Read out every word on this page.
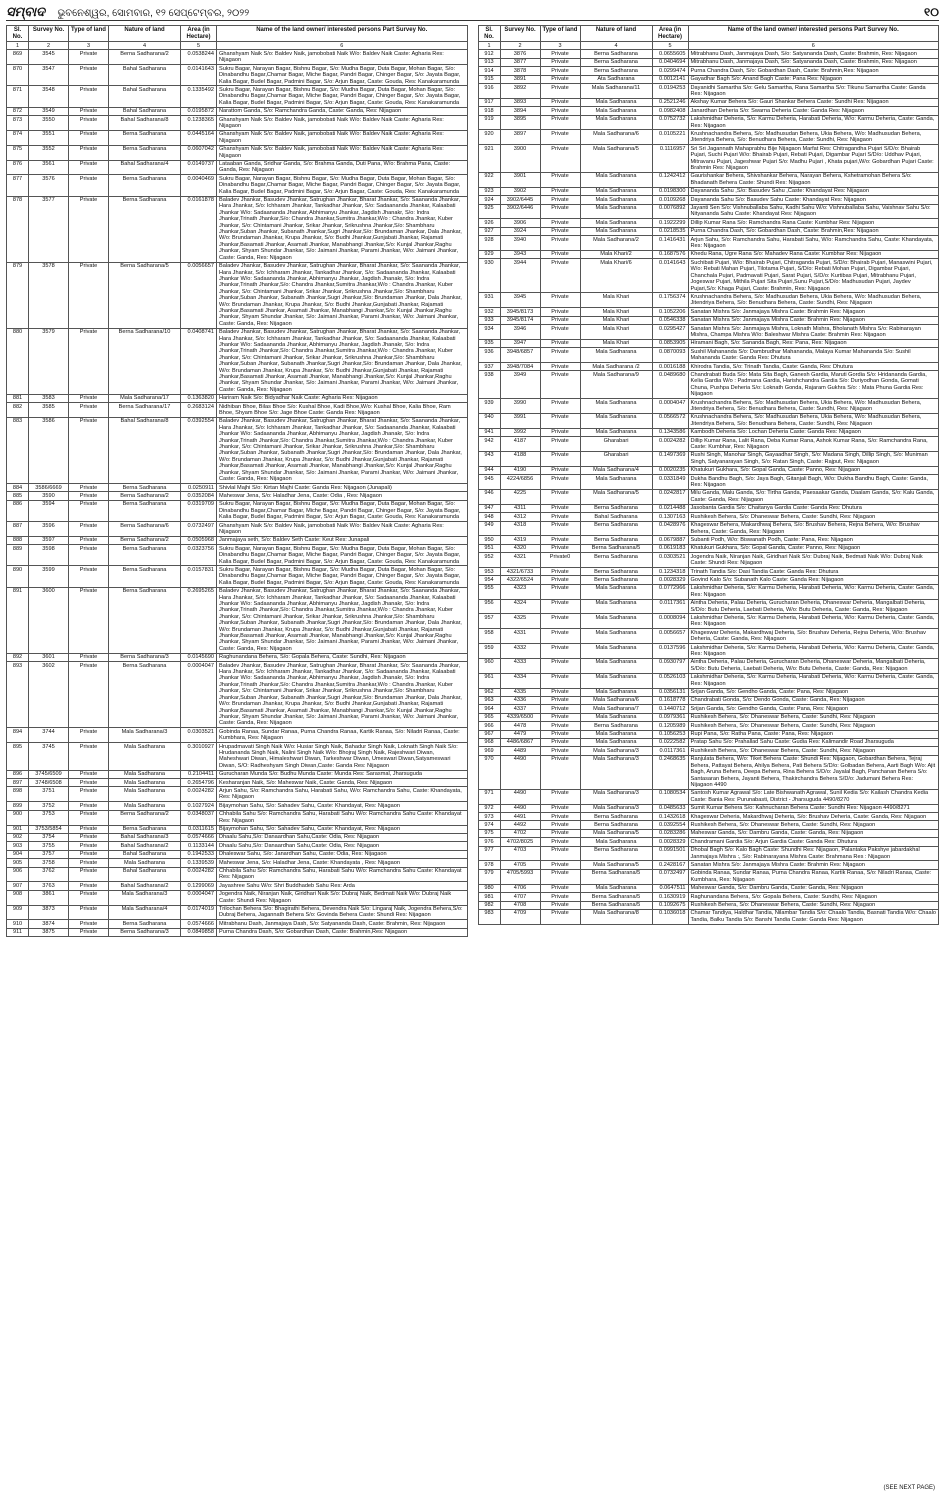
ସମ୍ବାଦ ଭୁବନେଶ୍ୱର, ସୋମବାର, ୧୨ ସେପ୍ଟେମ୍ବର, ୨୦୨୨	୧୦
Sl. No.	Survey No.	Type of land	Nature of land	Area (in Hectare)	Name of the land owner/ interested persons Part Survey No.
1	2	3	4	5	6
869	3545	Private	Berna Sadharana/2	0.0538244	Ghanshyam Naik S/o: Baldev Naik, jamobobati Naik W/o: Baldev Naik Caste: Agharia Res: Nijagaon
870	3547	Private	Bahal Sadharana	0.0141643	Sukru Bagar, Narayan Bagar, Bishnu Bagar, S/o: Mudha Bagar, Duta Bagar, Mohan Bagar, S/o: Dinabandhu Bagar,Chamar Bagar, Miche Bagar, Pandri Bagar, Chinger Bagar, S/o: Jayata Bagar, Kalia Bagar, Budel Bagar, Padmini Bagar, S/o: Arjun Bagar, Caste: Gouda, Res: Kanakaramunda
871	3548	Private	Bahal Sadharana	0.1335492	Sukru Bagar, Narayan Bagar, Bishnu Bagar, S/o: Mudha Bagar, Duta Bagar, Mohan Bagar, S/o: Dinabandhu Bagar,Chamar Bagar, Miche Bagar, Pandri Bagar, Chinger Bagar, S/o: Jayata Bagar, Kalia Bagar, Budel Bagar, Padmini Bagar, S/o: Arjun Bagar, Caste: Gouda, Res: Kanakaramunda
872	3549	Private	Bahal Sadharana	0.0195872	Narattom Ganda, S/o: Ramchandra Ganda, Caste: Ganda, Res: Nijagaon
873	3550	Private	Bahal Sadharana/8	0.1238365	Ghanshyam Naik S/o: Baldev Naik, jamobobati Naik W/o: Baldev Naik Caste: Agharia Res: Nijagaon
874	3551	Private	Berna Sadharana	0.0445164	Ghanshyam Naik S/o: Baldev Naik, jamobobati Naik W/o: Baldev Naik Caste: Agharia Res: Nijagaon
875	3552	Private	Berna Sadharana	0.0607042	Ghanshyam Naik S/o: Baldev Naik, jamobobati Naik W/o: Baldev Naik Caste: Agharia Res: Nijagaon
876	3561	Private	Bahal Sadharana/4	0.0149737	Lataaban Ganda, Sridhar Ganda, S/o: Brahma Ganda, Duti Pana, W/o: Brahma Pana, Caste: Ganda, Res: Nijagaon
877	3576	Private	Berna Sadharana	0.0040469	Sukru Bagar, Narayan Bagar, Bishnu Bagar, S/o: Mudha Bagar, Duta Bagar, Mohan Bagar, S/o: Dinabandhu Bagar,Chamar Bagar, Miche Bagar, Pandri Bagar, Chinger Bagar, S/o: Jayata Bagar, Kalia Bagar, Budel Bagar, Padmini Bagar, S/o: Arjun Bagar, Caste: Gouda, Res: Kanakaramunda
878	3577	Private	Berna Sadharana	0.0161878	Baladev Jhankar, Basudev Jhankar, Satrughan Jhankar, Bharat Jhankar, S/o: Saananda Jhankar, Hara Jhankar, S/o: Ichharam Jhankar, Tankadhar Jhankar, S/o: Sadaananda Jhankar, Kalaabati Jhankar W/o: Sadaananda Jhankar, Abhimanyu Jhankar, Jagdish Jhanakr, S/o: Indra Jhankar,Trinath Jhankar,S/o: Chandra Jhankar,Sumitra Jhankar,W/o : Chandra Jhankar, Kuber Jhankar, S/o: Chintamani Jhankar, Srikar Jhankar, Srikrushna Jhankar,S/o: Shambharu Jhankar,Suban Jhankar, Subanath Jhankar,Sugri Jhankar,S/o: Brundaman Jhankar, Dala Jhankar, W/o: Brundaman Jhankar, Krupa Jhankar, S/o: Budhi Jhankar,Gunjabati Jhankar, Rajamati Jhankar,Basamati Jhankar, Asamati Jhankar, Manabhangi Jhankar,S/o: Kunjal Jhankar,Raghu Jhankar, Shyam Shundar Jhankar, S/o: Jaimani Jhankar, Parami Jhankar, W/o: Jaimani Jhankar, Caste: Ganda, Res: Nijagaon
879	3578	Private	Berna Sadharana/5	0.0056657	Baladev Jhankar, Basudev Jhankar, Satrughan Jhankar, Bharat Jhankar, S/o: Saananda Jhankar, Hara Jhankar, S/o: Ichharam Jhankar, Tankadhar Jhankar, S/o: Sadaananda Jhankar, Kalaabati Jhankar W/o: Sadaananda Jhankar, Abhimanyu Jhankar, Jagdish Jhanakr, S/o: Indra Jhankar,Trinath Jhankar,S/o: Chandra Jhankar,Sumitra Jhankar,W/o : Chandra Jhankar, Kuber Jhankar, S/o: Chintamani Jhankar, Srikar Jhankar, Srikrushna Jhankar,S/o: Shambharu Jhankar,Suban Jhankar, Subanath Jhankar,Sugri Jhankar,S/o: Brundaman Jhankar, Dala Jhankar, W/o: Brundaman Jhankar, Krupa Jhankar, S/o: Budhi Jhankar,Gunjabati Jhankar, Rajamati Jhankar,Basamati Jhankar, Asamati Jhankar, Manabhangi Jhankar,S/o: Kunjal Jhankar,Raghu Jhankar, Shyam Shundar Jhankar, S/o: Jaimani Jhankar, Parami Jhankar, W/o: Jaimani Jhankar, Caste: Ganda, Res: Nijagaon
880	3579	Private	Berna Sadharana/10	0.0408741	Baladev Jhankar, Basudev Jhankar, Satrughan Jhankar, Bharat Jhankar, S/o: Saananda Jhankar, Hara Jhankar, S/o: Ichharam Jhankar, Tankadhar Jhankar, S/o: Sadaananda Jhankar, Kalaabati Jhankar W/o: Sadaananda Jhankar, Abhimanyu Jhankar, Jagdish Jhanakr, S/o: Indra Jhankar,Trinath Jhankar,S/o: Chandra Jhankar,Sumitra Jhankar,W/o : Chandra Jhankar, Kuber Jhankar, S/o: Chintamani Jhankar, Srikar Jhankar, Srikrushna Jhankar,S/o: Shambharu Jhankar,Suban Jhankar, Subanath Jhankar,Sugri Jhankar,S/o: Brundaman Jhankar, Dala Jhankar, W/o: Brundaman Jhankar, Krupa Jhankar, S/o: Budhi Jhankar,Gunjabati Jhankar, Rajamati Jhankar,Basamati Jhankar, Asamati Jhankar, Manabhangi Jhankar,S/o: Kunjal Jhankar,Raghu Jhankar, Shyam Shundar Jhankar, S/o: Jaimani Jhankar, Parami Jhankar, W/o: Jaimani Jhankar, Caste: Ganda, Res: Nijagaon
881	3583	Private	Mala Sadharana/17	0.1363820	Hariram Naik S/o: Bidyadhar Naik Caste: Agharia Res: Nijagaon
882	3585	Private	Berna Sadharana/17	0.2683124	Nidhiban Bhoe, Bilas Bhoe S/o: Kushal Bhoe, Kadi Bhoe,W/o: Kushal Bhoe, Kalia Bhoe, Ram Bhoe, Shyam Bhoe S/o: Jage Bhoe Caste: Ganda Res: Nijagaon
883	3586	Private	Bahal Sadharana/8	0.0392554	Baladev Jhankar, Basudev Jhankar, Satrughan Jhankar, Bharat Jhankar, S/o: Saananda Jhankar, Hara Jhankar, S/o: Ichharam Jhankar, Tankadhar Jhankar, S/o: Sadaananda Jhankar, Kalaabati Jhankar W/o: Sadaananda Jhankar, Abhimanyu Jhankar, Jagdish Jhanakr, S/o: Indra Jhankar,Trinath Jhankar,S/o: Chandra Jhankar,Sumitra Jhankar,W/o : Chandra Jhankar, Kuber Jhankar, S/o: Chintamani Jhankar, Srikar Jhankar, Srikrushna Jhankar,S/o: Shambharu Jhankar,Suban Jhankar, Subanath Jhankar,Sugri Jhankar,S/o: Brundaman Jhankar, Dala Jhankar, W/o: Brundaman Jhankar, Krupa Jhankar, S/o: Budhi Jhankar,Gunjabati Jhankar, Rajamati Jhankar,Basamati Jhankar, Asamati Jhankar, Manabhangi Jhankar,S/o: Kunjal Jhankar,Raghu Jhankar, Shyam Shundar Jhankar, S/o: Jaimani Jhankar, Parami Jhankar, W/o: Jaimani Jhankar, Caste: Ganda, Res: Nijagaon
884	3586/6669	Private	Berna Sadharana	0.0250911	Shivlal Majhi S/o: Kirtan Majhi Caste: Ganda Res: Nijagaon (Junapali)
885	3590	Private	Berna Sadharana/2	0.0352084	Maheswar Jena, S/o: Haladhar Jena, Caste: Odia , Res: Nijagaon
886	3594	Private	Berna Sadharana	0.0319709	Sukru Bagar, Narayan Bagar, Bishnu Bagar, S/o: Mudha Bagar, Duta Bagar, Mohan Bagar, S/o: Dinabandhu Bagar,Chamar Bagar, Miche Bagar, Pandri Bagar, Chinger Bagar, S/o: Jayata Bagar, Kalia Bagar, Budel Bagar, Padmini Bagar, S/o: Arjun Bagar, Caste: Gouda, Res: Kanakaramunda
887	3596	Private	Berna Sadharana/6	0.0732497	Ghanshyam Naik S/o: Baldev Naik, jamobobati Naik W/o: Baldev Naik Caste: Agharia Res: Nijagaon
888	3597	Private	Berna Sadharana/2	0.0505968	Janmajaya seth, S/o: Baldev Seth Caste: Keut Res: Junapali
889	3598	Private	Berna Sadharana	0.0323756	Sukru Bagar, Narayan Bagar, Bishnu Bagar, S/o: Mudha Bagar, Duta Bagar, Mohan Bagar, S/o: Dinabandhu Bagar,Chamar Bagar, Miche Bagar, Pandri Bagar, Chinger Bagar, S/o: Jayata Bagar, Kalia Bagar, Budel Bagar, Padmini Bagar, S/o: Arjun Bagar, Caste: Gouda, Res: Kanakaramunda
890	3599	Private	Berna Sadharana	0.0157831	Sukru Bagar, Narayan Bagar, Bishnu Bagar, S/o: Mudha Bagar, Duta Bagar, Mohan Bagar, S/o: Dinabandhu Bagar,Chamar Bagar, Miche Bagar, Pandri Bagar, Chinger Bagar, S/o: Jayata Bagar, Kalia Bagar, Budel Bagar, Padmini Bagar, S/o: Arjun Bagar, Caste: Gouda, Res: Kanakaramunda
891	3600	Private	Berna Sadharana	0.2695265	Baladev Jhankar, Basudev Jhankar, Satrughan Jhankar, Bharat Jhankar, S/o: Saananda Jhankar, Hara Jhankar, S/o: Ichharam Jhankar, Tankadhar Jhankar, S/o: Sadaananda Jhankar, Kalaabati Jhankar W/o: Sadaananda Jhankar, Abhimanyu Jhankar, Jagdish Jhanakr, S/o: Indra Jhankar,Trinath Jhankar,S/o: Chandra Jhankar,Sumitra Jhankar,W/o : Chandra Jhankar, Kuber Jhankar, S/o: Chintamani Jhankar, Srikar Jhankar, Srikrushna Jhankar,S/o: Shambharu Jhankar,Suban Jhankar, Subanath Jhankar,Sugri Jhankar,S/o: Brundaman Jhankar, Dala Jhankar, W/o: Brundaman Jhankar, Krupa Jhankar, S/o: Budhi Jhankar,Gunjabati Jhankar, Rajamati Jhankar,Basamati Jhankar, Asamati Jhankar, Manabhangi Jhankar,S/o: Kunjal Jhankar,Raghu Jhankar, Shyam Shundar Jhankar, S/o: Jaimani Jhankar, Parami Jhankar, W/o: Jaimani Jhankar, Caste: Ganda, Res: Nijagaon
892	3601	Private	Berna Sadharana/3	0.0145690	Raghunandana Behera, S/o: Gopala Behera, Caste: Sundhi, Res: Nijagaon
893	3602	Private	Berna Sadharana	0.0004047	Baladev Jhankar, Basudev Jhankar, Satrughan Jhankar, Bharat Jhankar, S/o: Saananda Jhankar, Hara Jhankar, S/o: Ichharam Jhankar, Tankadhar Jhankar, S/o: Sadaananda Jhankar, Kalaabati Jhankar W/o: Sadaananda Jhankar, Abhimanyu Jhankar, Jagdish Jhanakr, S/o: Indra Jhankar,Trinath Jhankar,S/o: Chandra Jhankar,Sumitra Jhankar,W/o : Chandra Jhankar, Kuber Jhankar, S/o: Chintamani Jhankar, Srikar Jhankar, Srikrushna Jhankar,S/o: Shambharu Jhankar,Suban Jhankar, Subanath Jhankar,Sugri Jhankar,S/o: Brundaman Jhankar, Dala Jhankar, W/o: Brundaman Jhankar, Krupa Jhankar, S/o: Budhi Jhankar,Gunjabati Jhankar, Rajamati Jhankar,Basamati Jhankar, Asamati Jhankar, Manabhangi Jhankar,S/o: Kunjal Jhankar,Raghu Jhankar, Shyam Shundar Jhankar, S/o: Jaimani Jhankar, Parami Jhankar, W/o: Jaimani Jhankar, Caste: Ganda, Res: Nijagaon
894	3744	Private	Mala Sadharana/3	0.0303521	Gobinda Ranaa, Sundar Ranaa, Purna Chandra Ranaa, Kartik Ranaa, S/o: Niladri Ranaa, Caste: Kumbhara, Res: Nijagaon
895	3745	Private	Mala Sadharana	0.3010927	Hrupadmavati Singh Naik W/o: Husiar Singh Naik, Bahadur Singh Naik, Loknath Singh Naik S/o: Hrudananda Singh Naik, Nalini Singh Naik W/o: Bhojraj Singh Naik, Rajeshwari Diwan, Maheshwari Diwan, Himaleshwari Diwan, Tarkeshwar Diwan, Umeswari Diwan,Satyameswari Diwan, S/O: Radheshyam Singh Diwan,Caste: Ganda Res: Nijagaon
896	3745/6509	Private	Mala Sadharana	0.2104411	Gurucharan Munda S/o: Budhu Munda Caste: Munda Res: Sarasmal, Jharsuguda
897	3748/6508	Private	Mala Sadharana	0.2654796	Kesharanjan Naik, S/o: Maheswar Naik, Caste: Ganda, Res: Nijagaon
898	3751	Private	Mala Sadharana	0.0024282	Arjun Sahu, S/o: Ramchandra Sahu, Harabati Sahu, W/o: Ramchandra Sahu, Caste: Khandayata, Res: Nijagaon
899	3752	Private	Mala Sadharana	0.1027924	Bijaymohan Sahu, S/o: Sahadev Sahu, Caste: Khandayat, Res: Nijagaon
900	3753	Private	Berna Sadharana/2	0.0348037	Chhabila Sahu S/o: Ramchandra Sahu, Harabati Sahu W/o: Ramchandra Sahu Caste: Khandayat Res: Nijagaon
901	3753/5854	Private	Berna Sadharana	0.0311615	Bijaymohan Sahu, S/o: Sahadev Sahu, Caste: Khandayat, Res: Nijagaon
902	3754	Private	Bahal Sadharana/3	0.0574666	Dhaalu Sahu,S/o: Danaardhan Sahu,Caste: Odia, Res: Nijagaon
903	3755	Private	Bahal Sadharana/2	0.1133144	Dhaalu Sahu,S/o: Danaardhan Sahu,Caste: Odia, Res: Nijagaon
904	3757	Private	Bahal Sadharana	0.1942533	Dhaleswar Sahu, S/o: Janardhan Sahu, Caste: Odia, Res: Nijagaon
905	3758	Private	Mala Sadharana	0.1339539	Maheswar Jena, S/o: Haladhar Jena, Caste: Khandayata , Res: Nijagaon
906	3762	Private	Bahal Sadharana	0.0024282	Chhabila Sahu S/o: Ramchandra Sahu, Harabati Sahu W/o: Ramchandra Sahu Caste: Khandayat Res: Nijagaon
907	3763	Private	Bahal Sadharana/2	0.1299069	Jayashree Sahu W/o: Shri Buddhadeb Sahu Res: Arda
908	3861	Private	Mala Sadharana/3	0.0004047	Jogendra Naik, Niranjan Naik, Giridhari Naik S/o: Dubraj Naik, Bedmati Naik W/o: Dubraj Naik Caste: Shundi Res: Nijagaon
909	3873	Private	Mala Sadharana/4	0.0174019	Trilochan Behera S/o: Bhagirathi Behera, Devendra Naik S/o: Lingaraj Naik, Jogendra Behera,S/o: Dubraj Behera, Jagannath Behera S/o: Govinda Behera Caste: Shundi Res: Nijagaon
910	3874	Private	Berna Sadharana	0.0574666	Mitrabhanu Dash, Janmajaya Dash, S/o: Satyananda Dash, Caste: Brahmin, Res: Nijagaon
911	3875	Private	Berna Sadharana/3	0.0849858	Purna Chandra Dash, S/o: Gobardhan Dash, Caste: Brahmin,Res: Nijagaon
Sl. No.	Survey No.	Type of land	Nature of land	Area (in Hectare)	Name of the land owner/ interested persons Part Survey No.
1	2	3	4	5	6
912	3876	Private	Berna Sadharana	0.0655605	Mitrabhanu Dash, Janmajaya Dash, S/o: Satyananda Dash, Caste: Brahmin, Res: Nijagaon
913	3877	Private	Berna Sadharana	0.0404694	Mitrabhanu Dash, Janmajaya Dash, S/o: Satyananda Dash, Caste: Brahmin, Res: Nijagaon
914	3878	Private	Berna Sadharana	0.0299474	Purna Chandra Dash, S/o: Gobardhan Dash, Caste: Brahmin,Res: Nijagaon
915	3891	Private	Ata Sadharana	0.0012141	Gayadhar Bagh S/o: Anand Bagh Caste: Pana Res: Nijagaon
916	3892	Private	Mala Sadharana/11	0.0194253	Dayanidhi Samartha S/o: Gelu Samartha, Rana Samartha S/o: Tikunu Samartha Caste: Ganda Res: Nijagaon
917	3893	Private	Mala Sadharana	0.2521246	Akshay Kumar Behera S/o: Gauri Shankar Behera Caste: Sundhi Res: Nijagaon
918	3894	Private	Mala Sadharana	0.0982408	Janardhan Deheria S/o: Swarna Deheria Caste: Ganda Res: Nijagaon
919	3895	Private	Mala Sadharana	0.0752732	Lakshmidhar Deheria, S/o: Karmu Deheria, Harabati Deheria, W/o: Karmu Deheria, Caste: Ganda, Res: Nijagaon
920	3897	Private	Mala Sadharana/6	0.0105221	Krushnachandra Behera, S/o: Madhusudan Behera, Ukia Behera, W/o: Madhusudan Behera, Jitendriya Behera, S/o: Benudhara Behera, Caste: Sundhi, Res: Nijagaon
921	3900	Private	Mala Sadharana/5	0.1116957	Sri Sri Jagannath Mahaprabhu Bije Nijagaon Marfat Res: Chitragandha Pujari S/D/o: Bhairab Pujari, Suchi Pujari W/o: Bhairab Pujari, Rebati Pujari, Digambar Pujari S/D/o: Uddhav Pujari, Mitravanu Pujari, Jageshwar Pujari S/o: Madhu Pujari , Khata pujari,W/o: Gobardhan Pujari Caste: Brahmin Res: Nijagaon
922	3901	Private	Mala Sadharana	0.1242412	Gaurishankar Behera, Shivshankar Behera, Narayan Behera, Kshetramohan Behera S/o: Bhadanath Behera Caste: Shundi Res: Nijagaon
923	3902	Private	Mala Sadharana	0.0198300	Dayananda Sahu ,S/o: Basudev Sahu ,Caste: Khandayat Res: Nijagaon
924	3902/6445	Private	Mala Sadharana	0.0109268	Dayananda Sahu S/o: Basudev Sahu Caste: Khandayat Res: Nijagaon
925	3902/6446	Private	Mala Sadharana	0.0076892	Jayanti Sen S/o: Vishnuballaba Sahu, Kadhi Sahu W/o: Vishnuballaba Sahu, Vaishnav Sahu S/o: Nityananda Sahu Caste: Khandayat Res: Nijagaon
926	3906	Private	Mala Sadharana	0.1922299	Dillip Kumar Rana S/o: Ramchandra Rana Caste: Kumbhar Res: Nijagaon
927	3924	Private	Mala Sadharana	0.0218535	Purna Chandra Dash, S/o: Gobardhan Dash, Caste: Brahmin,Res: Nijagaon
928	3940	Private	Mala Sadharana/2	0.1416431	Arjun Sahu, S/o: Ramchandra Sahu, Harabati Sahu, W/o: Ramchandra Sahu, Caste: Khandayata, Res: Nijagaon
929	3943	Private	Mala Khari/2	0.1687576	Khedu Rana, Ugre Rana S/o: Mahadev Rana Caste: Kumbhar Res: Nijagaon
930	3944	Private	Mala Khari/6	0.0141643	Suchibati Pujari, W/o: Bhairab Pujari, Chitraganda Pujari, S/D/o: Bhairab Pujari, Manaswini Pujari, W/o: Rebati Mahan Pujari, Tilotama Pujari, S/D/o: Rebati Mohan Pujari, Digambar Pujari, Chanchala Pujari, Padmavati Pujari, Sarat Pujari, S/D/o: Kurtibas Pujari, Mitrabhanu Pujari, Jogeswar Pujari, Mithila Pujari Sita Pujari,Sunu Pujari,S/D/o: Madhusudan Pujari, Jaydev Pujari,S/o: Khaga Pujari, Caste: Brahmin, Res: Nijagaon
931	3945	Private	Mala Khari	0.1756374	Krushnachandra Behera, S/o: Madhusudan Behera, Ukia Behera, W/o: Madhusudan Behera, Jitendriya Behera, S/o: Benudhara Behera, Caste: Sundhi, Res: Nijagaon
932	3945/8173	Private	Mala Khari	0.1052206	Sanatan Mishra S/o: Janmajaya Mishra Caste: Brahmin Res: Nijagaon
933	3945/8174	Private	Mala Khari	0.0546338	Sanatan Mishra S/o: Janmajaya Mishra Caste: Brahmin Res: Nijagaon
934	3946	Private	Mala Khari	0.0295427	Sanatan Mishra S/o: Janmajaya Mishra, Loknath Mishra, Bholanath Mishra S/o: Rabinarayan Mishra, Champa Mishra W/o: Baleshwar Mishra Caste: Brahmin Res: Nijagaon
935	3947	Private	Mala Khari	0.0853905	Hiramani Bagh, S/o: Sananda Bagh, Res: Pana, Res: Nijagaon
936	3948/6857	Private	Mala Sadharana	0.0870093	Sushil Mahananda S/o: Dambrudhar Mahananda, Malaya Kumar Mahananda S/o: Sushil Mahananda Caste: Ganda Res: Dhutura
937	3948/7084	Private	Mala Sadharana /2	0.0016188	Khirodra Tandia, S/o: Trinath Tandia, Caste: Ganda, Res: Dhutura
938	3949	Private	Mala Sadharana/9	0.0489680	Chandrabati Buda S/o: Mata Sita Bagh, Ganesh Gardia, Maruti Gordia S/o: Hridananda Gardia, Kelia Gardia W/o : Padmana Gardia, Harishchandra Gardia S/o: Duriyodhan Gonda, Gomati Chuna, Pushpa Deheria S/o: Loknath Gonda, Rajaram Gukhra S/o: : Mata Phuna Gardia Res: Nijagaon
939	3990	Private	Mala Sadharana	0.0004047	Krushnachandra Behera, S/o: Madhusudan Behera, Ukia Behera, W/o: Madhusudan Behera, Jitendriya Behera, S/o: Benudhara Behera, Caste: Sundhi, Res: Nijagaon
940	3991	Private	Mala Sadharana	0.0566572	Krushnachandra Behera, S/o: Madhusudan Behera, Ukia Behera, W/o: Madhusudan Behera, Jitendriya Behera, S/o: Benudhara Behera, Caste: Sundhi, Res: Nijagaon
941	3992	Private	Mala Sadharana	0.1343586	Kambodh Deheria S/o: Lochan Deheria Caste: Ganda Res: Nijagaon
942	4187	Private	Gharabari	0.0024282	Dillip Kumar Rana, Lalit Rana, Deba Kumar Rana, Ashok Kumar Rana, S/o: Ramchandra Rana, Caste: Kumbhar, Res: Nijagaon
943	4188	Private	Gharabari	0.1497369	Rushi Singh, Manohar Singh, Gayaadhar Singh, S/o: Madana Singh, Dillip Singh, S/o: Muniman Singh, Satyanarayan Singh, S/o: Ratan Singh, Caste: Rajput, Res: Nijagaon
944	4190	Private	Mala Sadharana/4	0.0020235	Khatukuri Gukhara, S/o: Gopal Ganda, Caste: Panno, Res: Nijagaon
945	4224/6856	Private	Mala Sadharana	0.0331849	Dukha Bandhu Bagh, S/o: Jaya Bagh, Gitanjali Bagh, W/o: Dukha Bandhu Bagh, Caste: Ganda, Res: Nijagaon
946	4225	Private	Mala Sadharana/5	0.0242817	Milu Ganda, Malu Ganda, S/o: Tirtha Ganda, Paesaakar Ganda, Daalam Ganda, S/o: Kalu Ganda, Caste: Ganda, Res: Nijagaon
947	4311	Private	Berna Sadharana	0.0214488	Jasobanta Gardia S/o: Chaitanya Gardia Caste: Ganda Res: Dhutura
948	4312	Private	Bahal Sadharana	0.1307163	Rushikesh Behera, S/o: Dhaneswar Behera, Caste: Sundhi, Res: Nijagaon
949	4318	Private	Berna Sadharana	0.0428976	Khageswar Behera, Makardhwaj Behera, S/o: Brushav Behera, Rejna Behera, W/o: Brushav Behera, Caste: Ganda, Res: Nijagaon
950	4319	Private	Berna Sadharana	0.0679887	Subanti Podh, W/o: Biswanath Podh, Caste: Pana, Res: Nijagaon
951	4320	Private	Berna Sadharana/5	0.0619183	Khatukuri Gukhara, S/o: Gopal Ganda, Caste: Panno, Res: Nijagaon
952	4321	Private0	Berna Sadharana	0.0303521	Jogendra Naik, Niranjan Naik, Giridhari Naik S/o: Dubraj Naik, Bedmati Naik W/o: Dubraj Naik Caste: Shundi Res: Nijagaon
953	4321/6733	Private	Berna Sadharana	0.1234318	Trinath Tandia S/o: Dasi Tandia Caste: Ganda Res: Dhutura
954	4322/6524	Private	Berna Sadharana	0.0028329	Govind Kalo S/o: Subanath Kalo Caste: Ganda Res: Nijagaon
955	4323	Private	Mala Sadharana	0.0772966	Lakshmidhar Deheria, S/o: Karmu Deheria, Harabati Deheria, W/o: Karmu Deheria, Caste: Ganda, Res: Nijagaon
956	4324	Private	Mala Sadharana	0.0117361	Aintha Deheria, Palau Deheria, Gurucharan Deheria, Dhaneswar Deheria, Mangalbati Deheria, S/D/o: Butu Deheria, Laebati Deheria, W/o: Butu Deheria, Caste: Ganda, Res: Nijagaon
957	4325	Private	Mala Sadharana	0.0008094	Lakshmidhar Deheria, S/o: Karmu Deheria, Harabati Deheria, W/o: Karmu Deheria, Caste: Ganda, Res: Nijagaon
958	4331	Private	Mala Sadharana	0.0056657	Khageswar Deheria, Makardhwaj Deheria, S/o: Brushav Deheria, Rejna Deheria, W/o: Brushav Deheria, Caste: Ganda, Res: Nijagaon
959	4332	Private	Mala Sadharana	0.0137596	Lakshmidhar Deheria, S/o: Karmu Deheria, Harabati Deheria, W/o: Karmu Deheria, Caste: Ganda, Res: Nijagaon
960	4333	Private	Mala Sadharana	0.0930797	Aintha Deheria, Palau Deheria, Gurucharan Deheria, Dhaneswar Deheria, Mangalbati Deheria, S/D/o: Butu Deheria, Laebati Deheria, W/o: Butu Deheria, Caste: Ganda, Res: Nijagaon
961	4334	Private	Mala Sadharana	0.0526103	Lakshmidhar Deheria, S/o: Karmu Deheria, Harabati Deheria, W/o: Karmu Deheria, Caste: Ganda, Res: Nijagaon
962	4335	Private	Mala Sadharana	0.0356131	Srijan Ganda, S/o: Gendho Ganda, Caste: Pana, Res: Nijagaon
963	4336	Private	Mala Sadharana/6	0.1618778	Chandrabati Gonda, S/o: Dendo Gonda, Caste: Ganda, Res: Nijagaon
964	4337	Private	Mala Sadharana/7	0.1440712	Srijan Ganda, S/o: Gendho Ganda, Caste: Pana, Res: Nijagaon
965	4339/6500	Private	Mala Sadharana	0.0979361	Rushikesh Behera, S/o: Dhaneswar Behera, Caste: Sundhi, Res: Nijagaon
966	4478	Private	Berna Sadharana	0.1205989	Rushikesh Behera, S/o: Dhaneswar Behera, Caste: Sundhi, Res: Nijagaon
967	4479	Private	Mala Sadharana	0.1056253	Rupi Pana, S/o: Ratha Pana, Caste: Pana, Res: Nijagaon
968	4486/6867	Private	Mala Sadharana	0.0222582	Pratap Sahu S/o: Prahallad Sahu Caste: Gudia Res: Kalimandir Road Jharsuguda
969	4489	Private	Mala Sadharana/3	0.0117361	Rushikesh Behera, S/o: Dhaneswar Behera, Caste: Sundhi, Res: Nijagaon
970	4490	Private	Mala Sadharana/3	0.2468635	Ranjulata Behera, W/o: Tiket Behera Caste: Shundi Res: Nijagaon, Gobardhan Behera, Tejraj Behera, Pattayat Behera, Ahilya Behera, Pati Behera S/D/o: Golbadan Behera, Aarti Bagh W/o: Ajit Bagh, Aruna Behera, Deepa Behera, Rina Behera S/D/o: Jayalal Bagh, Panchanan Behera S/o: Santasaran Behera, Jayanti Behera, Thakirchandra Behera S/D/o: Jadumani Behera Res: Nijagaon 4490
971	4490	Private	Mala Sadharana/3	0.1080534	Santosh Kumar Agrawal S/o: Late Bishwanath Agrawal, Sunil Kedia S/o: Kailash Chandra Kedia Caste: Bania Res: Purunabasti, District - Jharsuguda 4490/8270
972	4490	Private	Mala Sadharana/3	0.0485633	Sumit Kumar Behera S/o: Kahnucharan Behera Caste: Sundhi Res: Nijagaon 4490/8271
973	4491	Private	Berna Sadharana	0.1432618	Khageswar Deheria, Makardhwaj Deheria, S/o: Brushav Deheria, Caste: Ganda, Res: Nijagaon
974	4492	Private	Berna Sadharana	0.0392554	Rushikesh Behera, S/o: Dhaneswar Behera, Caste: Sundhi, Res: Nijagaon
975	4702	Private	Mala Sadharana/5	0.0283286	Maheswar Ganda, S/o: Dambru Ganda, Caste: Ganda, Res: Nijagaon
976	4702/8025	Private	Mala Sadharana	0.0028329	Chandramani Gardia S/o: Arjun Gardia Caste: Ganda Res: Dhutura
977	4703	Private	Berna Sadharana	0.0991501	Dhobal Bagh S/o: Kalo Bagh Caste: Shundhi Res: Nijagaon, Palantaka Pakshye jabardakhal Janmajaya Mishra :, S/o: Rabinarayana Mishra Caste: Brahmana Res : Nijagaon
978	4705	Private	Mala Sadharana/5	0.2428167	Sanatan Mishra S/o: Janmajaya Mishra Caste: Brahmin Res: Nijagaon
979	4705/5993	Private	Berna Sadharana/5	0.0732497	Gobinda Ranaa, Sundar Ranaa, Purna Chandra Ranaa, Kartik Ranaa, S/o: Niladri Ranaa, Caste: Kumbhara, Res: Nijagaon
980	4706	Private	Mala Sadharana	0.0647511	Maheswar Ganda, S/o: Dambru Ganda, Caste: Ganda, Res: Nijagaon
981	4707	Private	Berna Sadharana/5	0.1630919	Raghunandana Behera, S/o: Gopala Behera, Caste: Sundhi, Res: Nijagaon
982	4708	Private	Berna Sadharana/5	0.1092675	Rushikesh Behera, S/o: Dhaneswar Behera, Caste: Sundhi, Res: Nijagaon
983	4709	Private	Mala Sadharana/8	0.1036018	Chamar Tandiya, Haldhar Tandia, Nilambar Tandia S/o: Chaalo Tandia, Basnati Tandia W/o: Chaalo Tandia, Balku Tandia S/o: Banshi Tandia Caste: Ganda Res: Nijagaon
(SEE NEXT PAGE)
